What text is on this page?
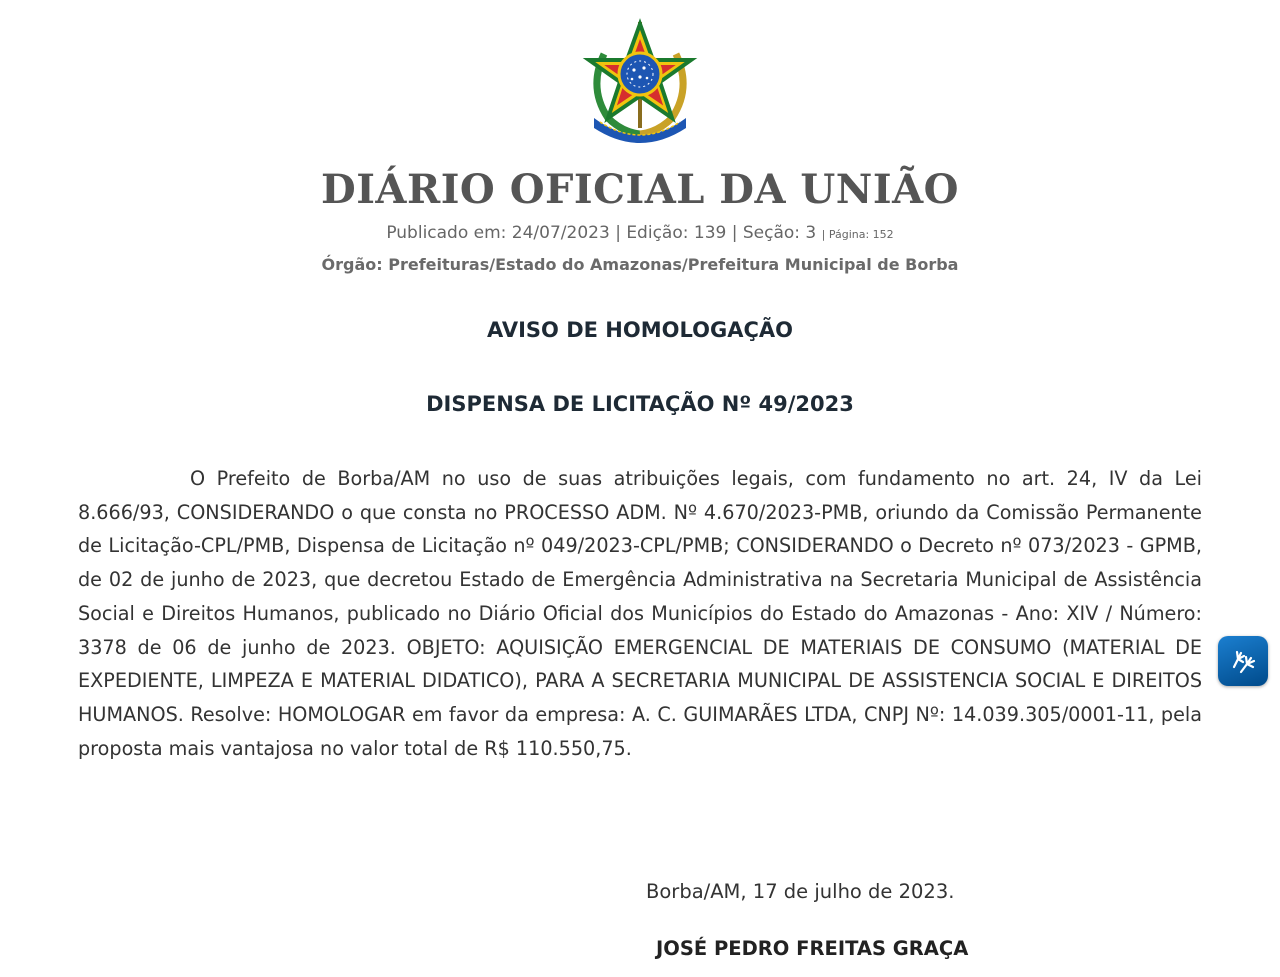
DIÁRIO OFICIAL DA UNIÃO
Publicado em: 24/07/2023 | Edição: 139 | Seção: 3 | Página: 152
Órgão: Prefeituras/Estado do Amazonas/Prefeitura Municipal de Borba
AVISO DE HOMOLOGAÇÃO
DISPENSA DE LICITAÇÃO Nº 49/2023
O Prefeito de Borba/AM no uso de suas atribuições legais, com fundamento no art. 24, IV da Lei 8.666/93, CONSIDERANDO o que consta no PROCESSO ADM. Nº 4.670/2023-PMB, oriundo da Comissão Permanente de Licitação-CPL/PMB, Dispensa de Licitação nº 049/2023-CPL/PMB; CONSIDERANDO o Decreto nº 073/2023 - GPMB, de 02 de junho de 2023, que decretou Estado de Emergência Administrativa na Secretaria Municipal de Assistência Social e Direitos Humanos, publicado no Diário Oficial dos Municípios do Estado do Amazonas - Ano: XIV / Número: 3378 de 06 de junho de 2023. OBJETO: AQUISIÇÃO EMERGENCIAL DE MATERIAIS DE CONSUMO (MATERIAL DE EXPEDIENTE, LIMPEZA E MATERIAL DIDATICO), PARA A SECRETARIA MUNICIPAL DE ASSISTENCIA SOCIAL E DIREITOS HUMANOS. Resolve: HOMOLOGAR em favor da empresa: A. C. GUIMARÃES LTDA, CNPJ Nº: 14.039.305/0001-11, pela proposta mais vantajosa no valor total de R$ 110.550,75.
Borba/AM, 17 de julho de 2023.
JOSÉ PEDRO FREITAS GRAÇA
